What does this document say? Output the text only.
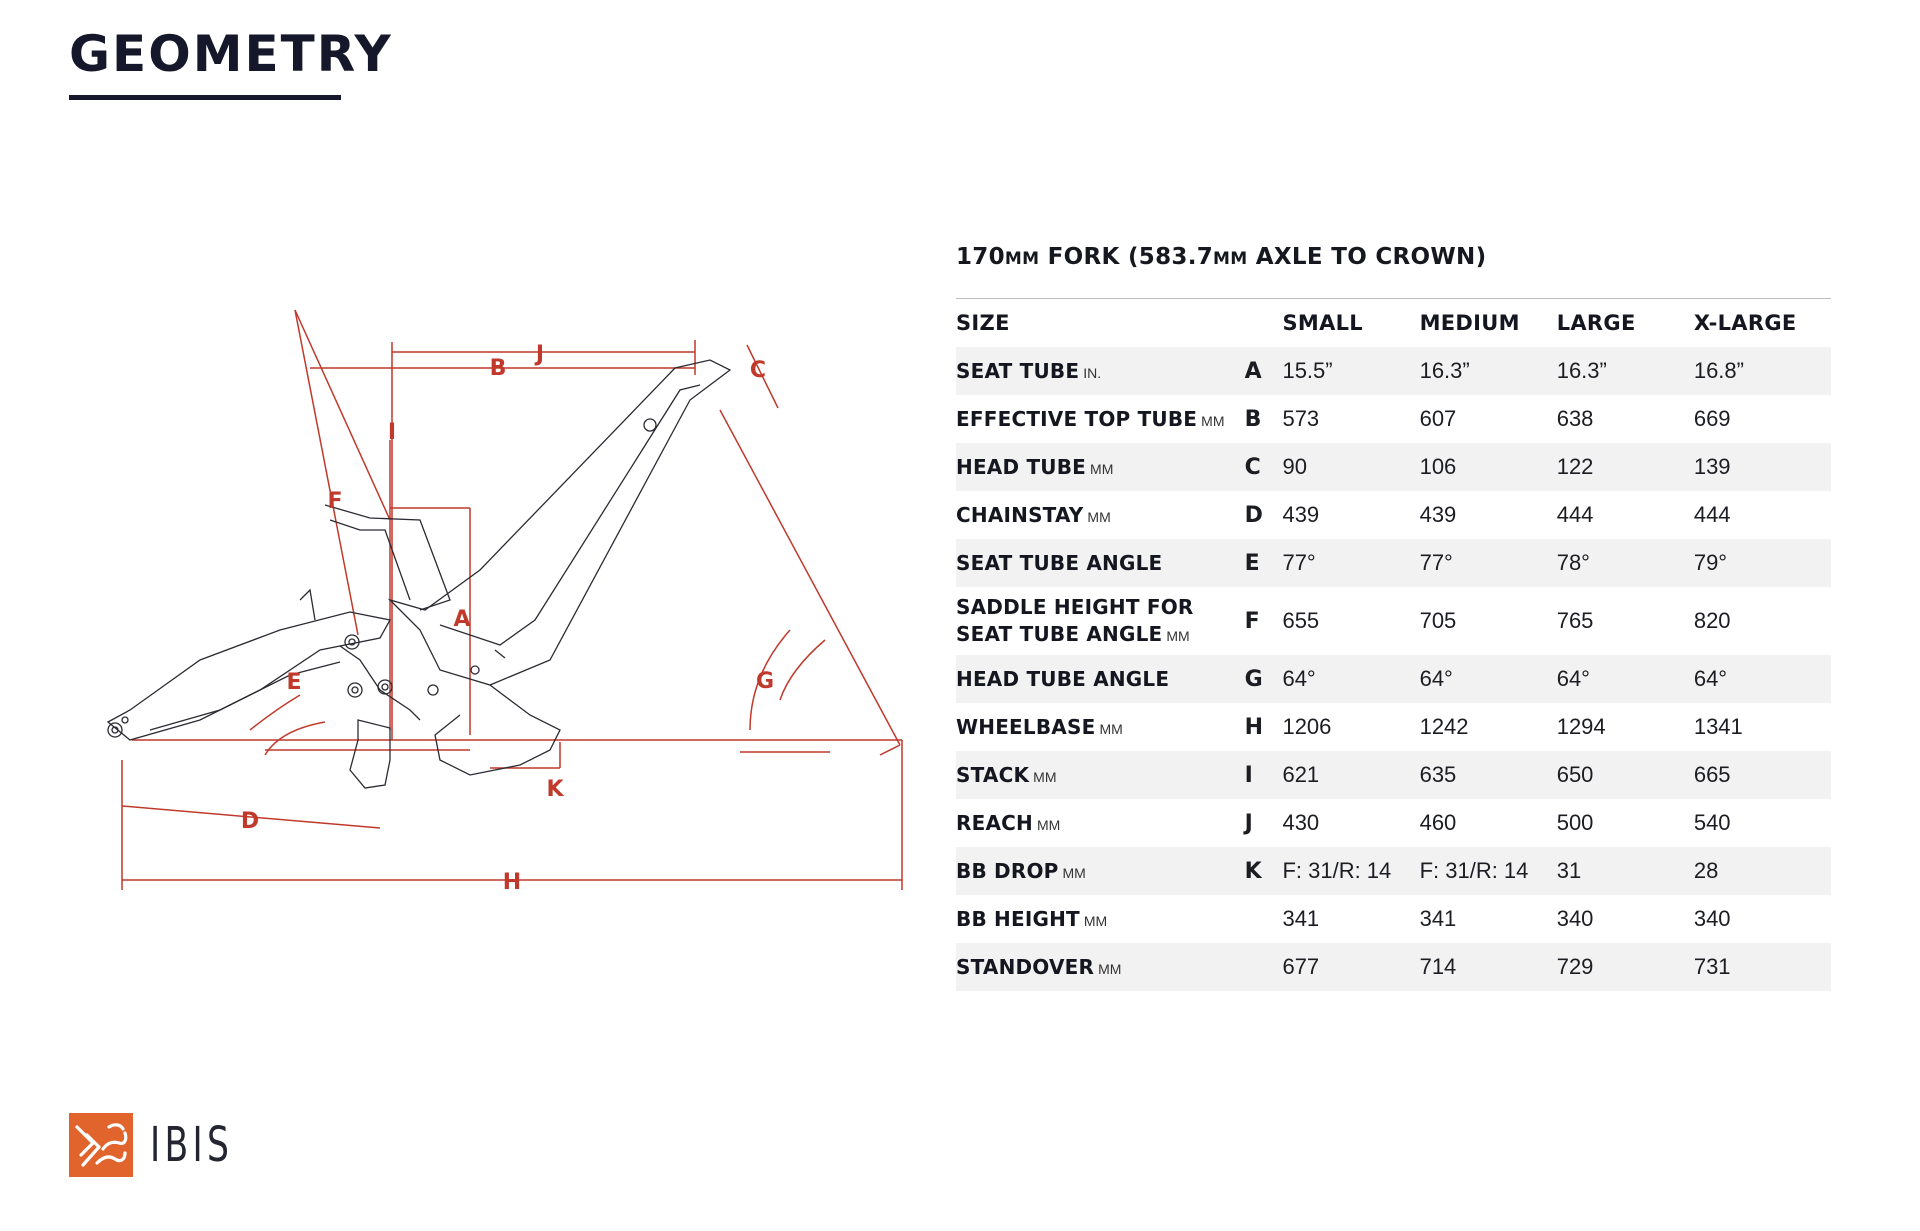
GEOMETRY
A
B	C
D
E
F
G
H
I
J
K
170MM FORK (583.7MM AXLE TO CROWN)
SIZE		SMALL	MEDIUM	LARGE	X-LARGE
SEAT TUBE IN.	A	15.5”	16.3”	16.3”	16.8”
EFFECTIVE TOP TUBE MM	B	573	607	638	669
HEAD TUBE MM	C	90	106	122	139
CHAINSTAY MM	D	439	439	444	444
SEAT TUBE ANGLE	E	77°	77°	78°	79°
SADDLE HEIGHT FOR
SEAT TUBE ANGLE MM	F	655	705	765	820
HEAD TUBE ANGLE	G	64°	64°	64°	64°
WHEELBASE MM	H	1206	1242	1294	1341
STACK MM	I	621	635	650	665
REACH MM	J	430	460	500	540
BB DROP MM	K	F: 31/R: 14	F: 31/R: 14	31	28
BB HEIGHT MM		341	341	340	340
STANDOVER MM		677	714	729	731
IBIS
